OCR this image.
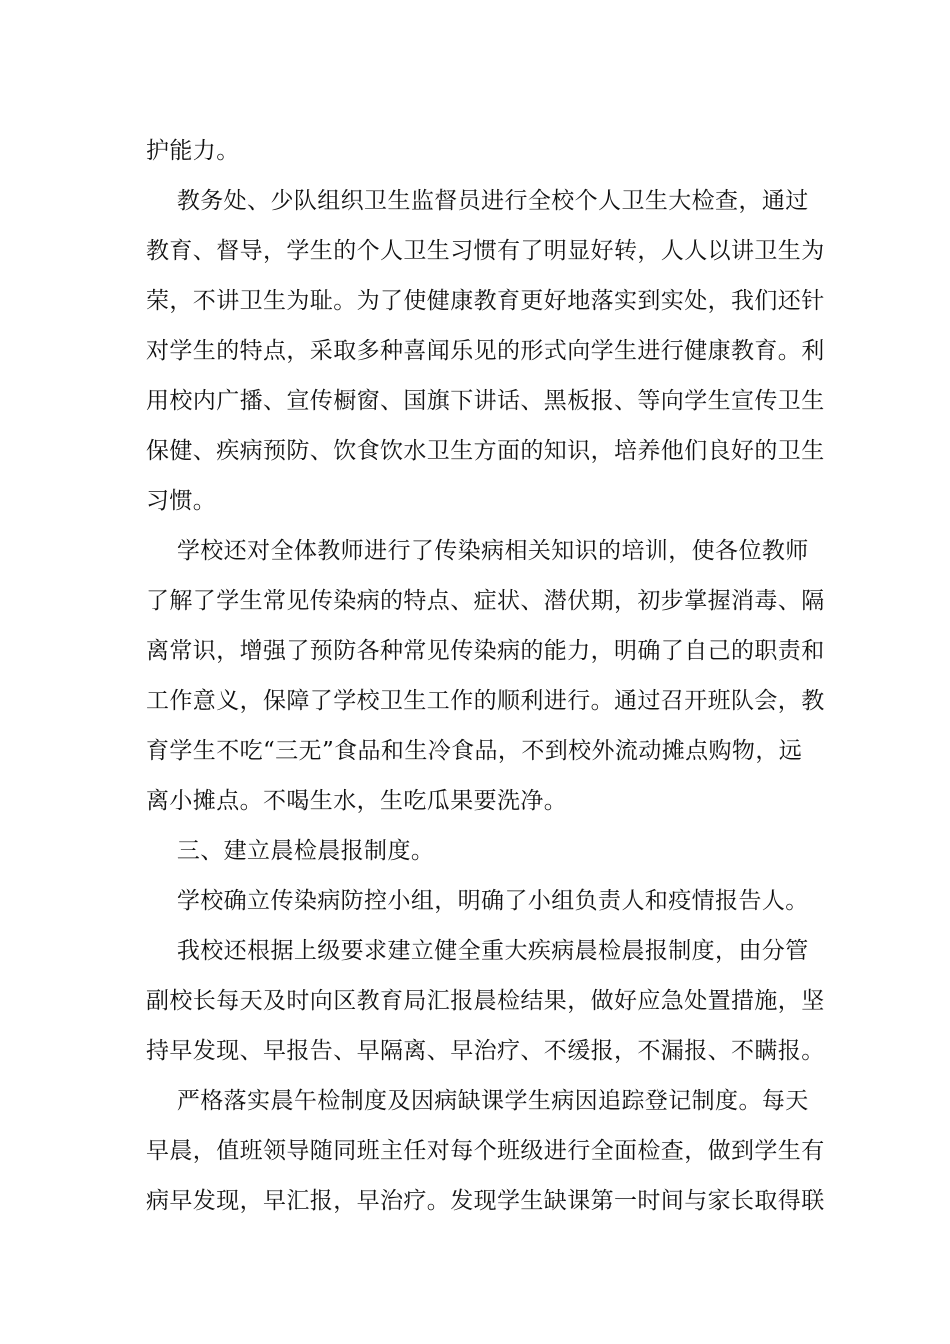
护能力。
教务处、少队组织卫生监督员进行全校个人卫生大检查，通过
教育、督导，学生的个人卫生习惯有了明显好转，人人以讲卫生为
荣，不讲卫生为耻。为了使健康教育更好地落实到实处，我们还针
对学生的特点，采取多种喜闻乐见的形式向学生进行健康教育。利
用校内广播、宣传橱窗、国旗下讲话、黑板报、等向学生宣传卫生
保健、疾病预防、饮食饮水卫生方面的知识，培养他们良好的卫生
习惯。
学校还对全体教师进行了传染病相关知识的培训，使各位教师
了解了学生常见传染病的特点、症状、潜伏期，初步掌握消毒、隔
离常识，增强了预防各种常见传染病的能力，明确了自己的职责和
工作意义，保障了学校卫生工作的顺利进行。通过召开班队会，教
育学生不吃“三无”食品和生冷食品，不到校外流动摊点购物，远
离小摊点。不喝生水，生吃瓜果要洗净。
三、建立晨检晨报制度。
学校确立传染病防控小组，明确了小组负责人和疫情报告人。
我校还根据上级要求建立健全重大疾病晨检晨报制度，由分管
副校长每天及时向区教育局汇报晨检结果，做好应急处置措施，坚
持早发现、早报告、早隔离、早治疗、不缓报，不漏报、不瞒报。
严格落实晨午检制度及因病缺课学生病因追踪登记制度。每天
早晨，值班领导随同班主任对每个班级进行全面检查，做到学生有
病早发现，早汇报，早治疗。发现学生缺课第一时间与家长取得联
